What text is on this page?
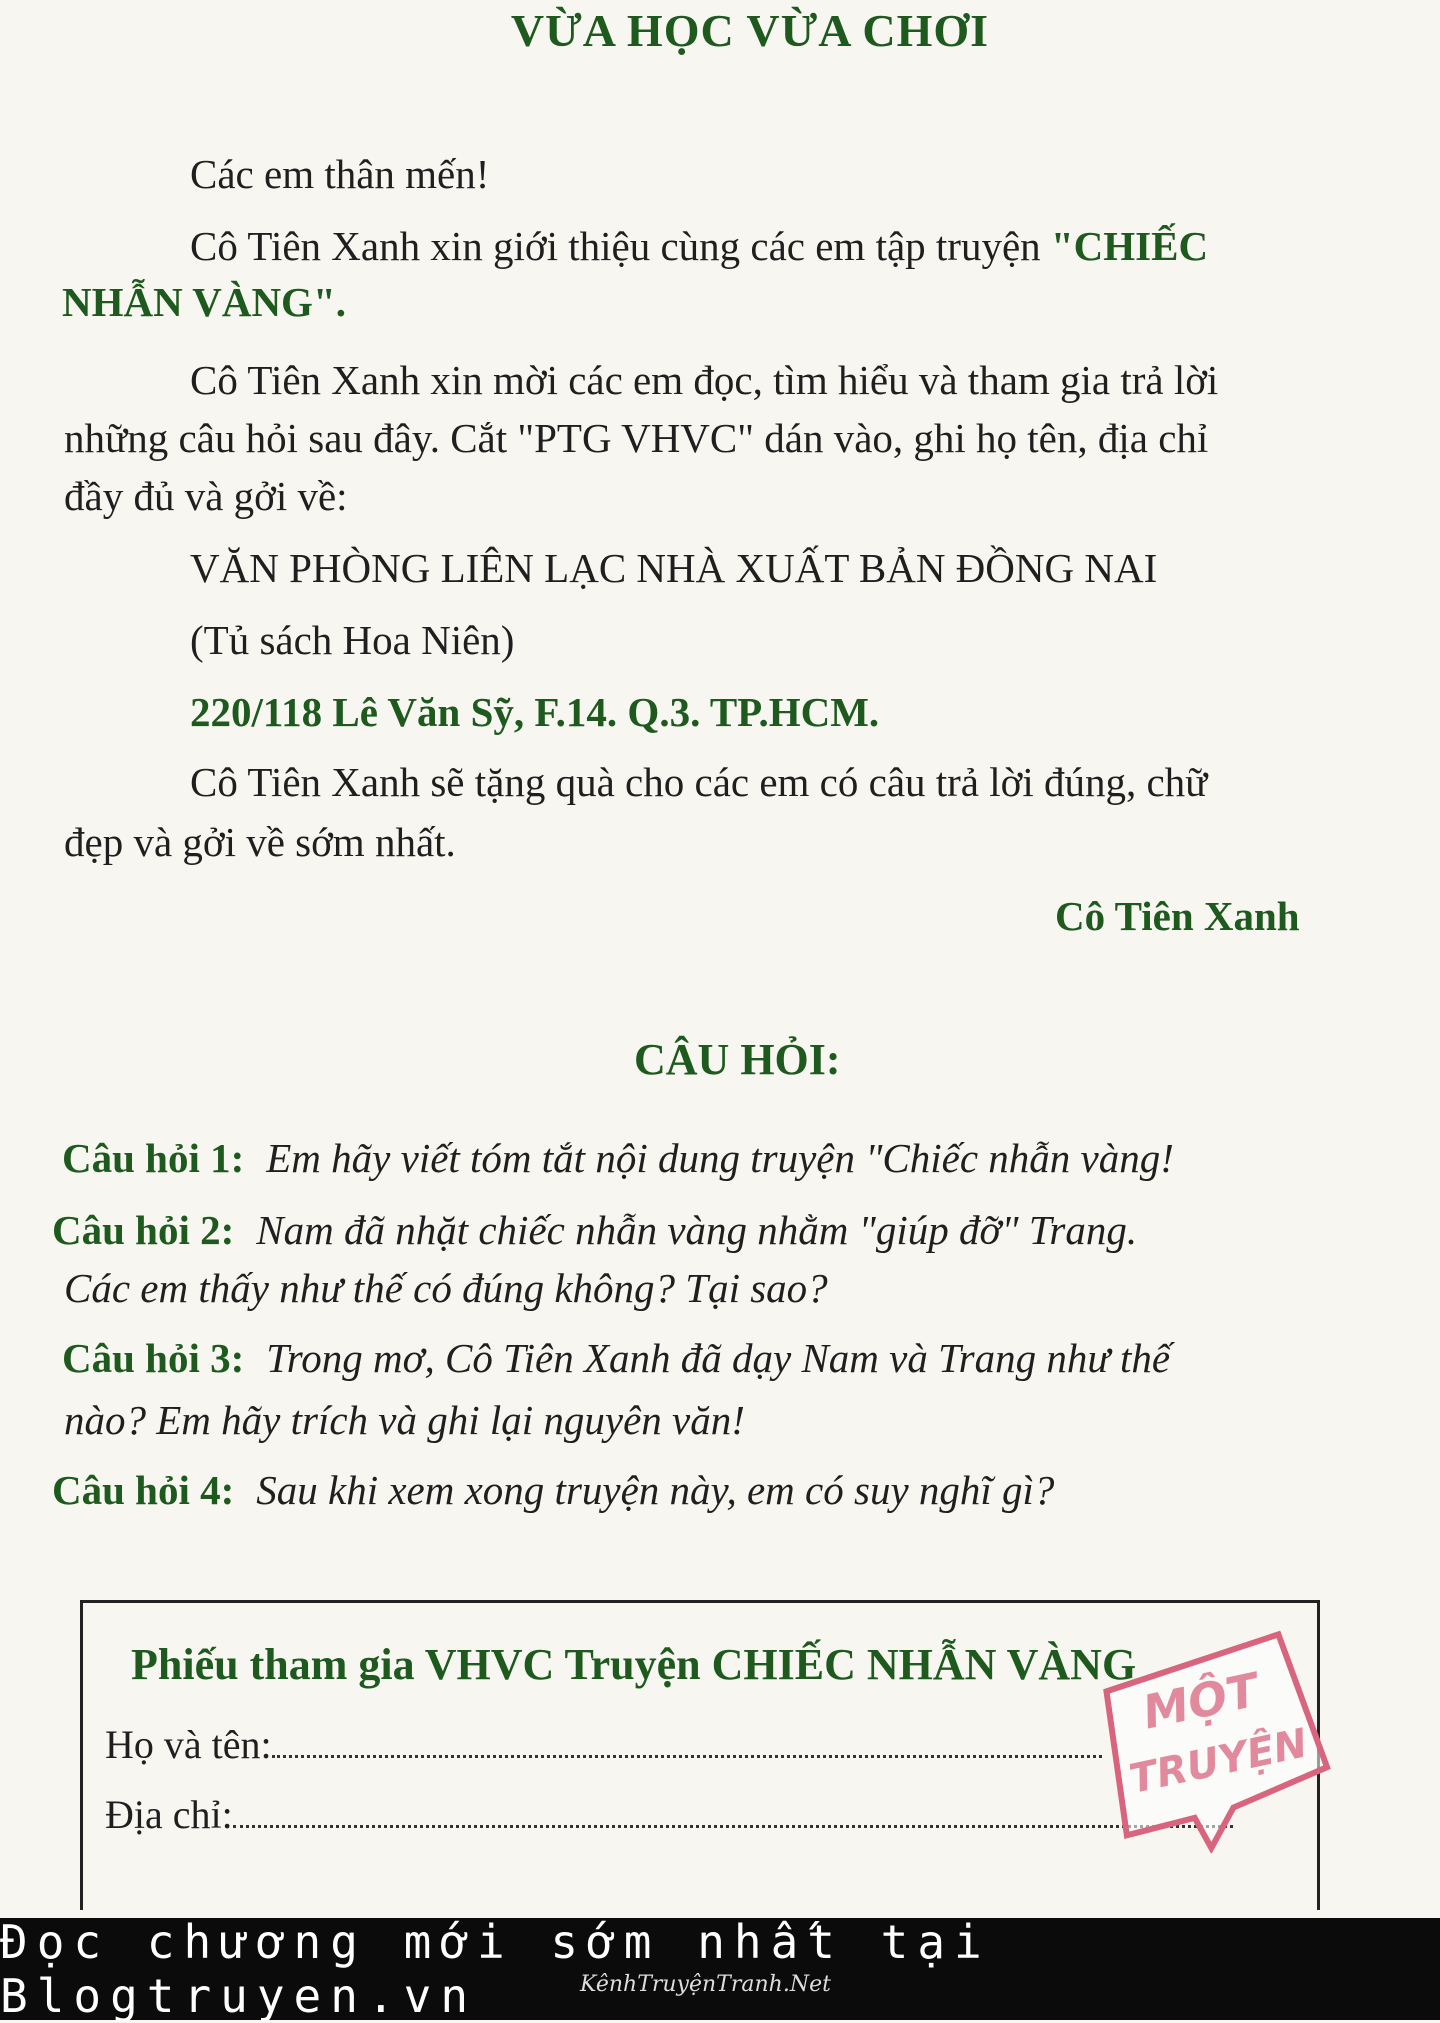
VỪA HỌC VỪA CHƠI
Các em thân mến!
Cô Tiên Xanh xin giới thiệu cùng các em tập truyện "CHIẾC
NHẪN VÀNG".
Cô Tiên Xanh xin mời các em đọc, tìm hiểu và tham gia trả lời
những câu hỏi sau đây. Cắt "PTG VHVC" dán vào, ghi họ tên, địa chỉ
đầy đủ và gởi về:
VĂN PHÒNG LIÊN LẠC NHÀ XUẤT BẢN ĐỒNG NAI
(Tủ sách Hoa Niên)
220/118 Lê Văn Sỹ, F.14. Q.3. TP.HCM.
Cô Tiên Xanh sẽ tặng quà cho các em có câu trả lời đúng, chữ
đẹp và gởi về sớm nhất.
Cô Tiên Xanh
CÂU HỎI:
Câu hỏi 1: Em hãy viết tóm tắt nội dung truyện "Chiếc nhẫn vàng!
Câu hỏi 2: Nam đã nhặt chiếc nhẫn vàng nhằm "giúp đỡ" Trang.
Các em thấy như thế có đúng không? Tại sao?
Câu hỏi 3: Trong mơ, Cô Tiên Xanh đã dạy Nam và Trang như thế
nào? Em hãy trích và ghi lại nguyên văn!
Câu hỏi 4: Sau khi xem xong truyện này, em có suy nghĩ gì?
Phiếu tham gia VHVC Truyện CHIẾC NHẪN VÀNG
Họ và tên:
Địa chỉ:
MỘT
TRUYỆN
Đọc chương mới sớm nhất tại Blogtruyen.vn	KênhTruyệnTranh.Net
